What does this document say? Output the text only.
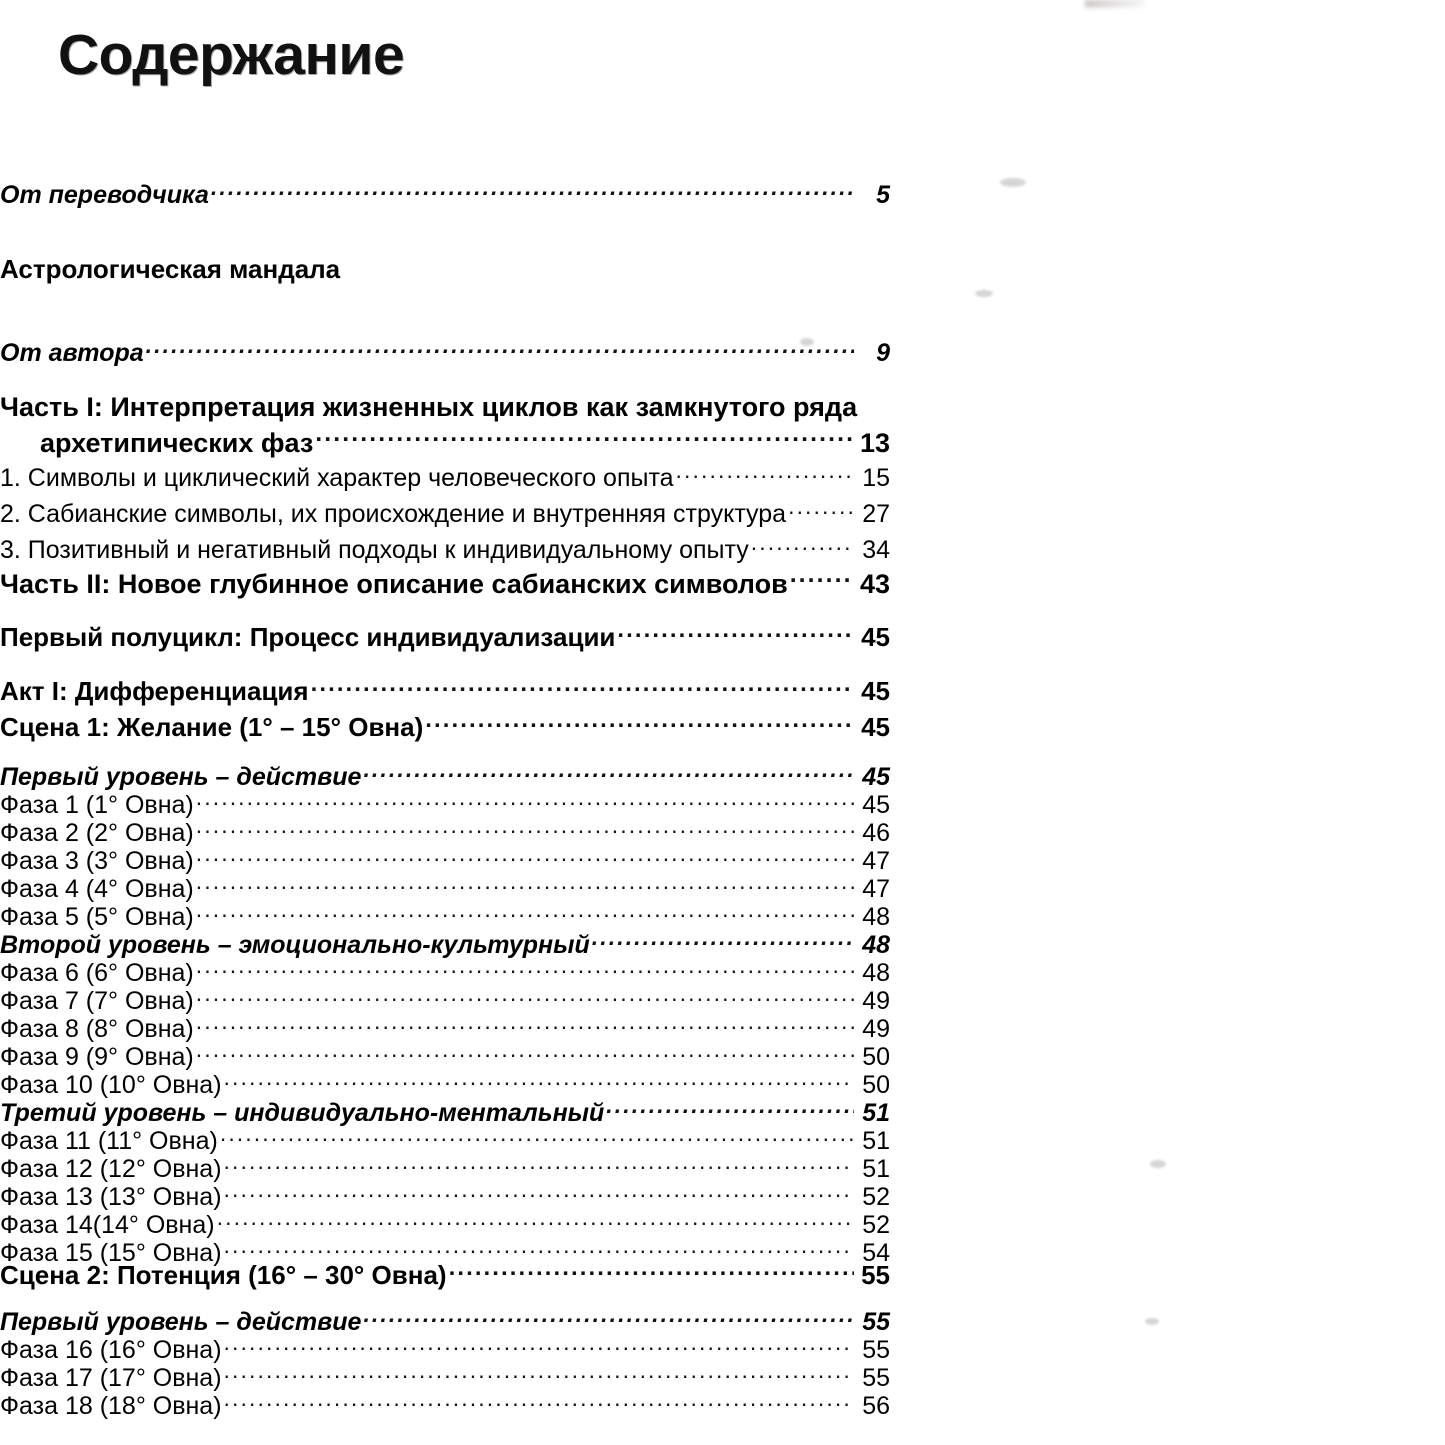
Содержание
От переводчика .....	5
Астрологическая мандала
От автора .....	9
Часть I: Интерпретация жизненных циклов как замкнутого ряда
архетипических фаз .....	13
1. Символы и циклический характер человеческого опыта .....	15
2. Сабианские символы, их происхождение и внутренняя структура .....	27
3. Позитивный и негативный подходы к индивидуальному опыту .....	34
Часть II: Новое глубинное описание сабианских символов .....	43
Первый полуцикл: Процесс индивидуализации .....	45
Акт I: Дифференциация .....	45
Сцена 1: Желание (1° – 15° Овна) .....	45
Первый уровень – действие .....	45
Фаза 1 (1° Овна) .....	45
Фаза 2 (2° Овна) .....	46
Фаза 3 (3° Овна) .....	47
Фаза 4 (4° Овна) .....	47
Фаза 5 (5° Овна) .....	48
Второй уровень – эмоционально-культурный .....	48
Фаза 6 (6° Овна) .....	48
Фаза 7 (7° Овна) .....	49
Фаза 8 (8° Овна) .....	49
Фаза 9 (9° Овна) .....	50
Фаза 10 (10° Овна) .....	50
Третий уровень – индивидуально-ментальный .....	51
Фаза 11 (11° Овна) .....	51
Фаза 12 (12° Овна) .....	51
Фаза 13 (13° Овна) .....	52
Фаза 14(14° Овна) .....	52
Фаза 15 (15° Овна) .....	54
Сцена 2: Потенция (16° – 30° Овна) .....	55
Первый уровень – действие .....	55
Фаза 16 (16° Овна) .....	55
Фаза 17 (17° Овна) .....	55
Фаза 18 (18° Овна) .....	56
